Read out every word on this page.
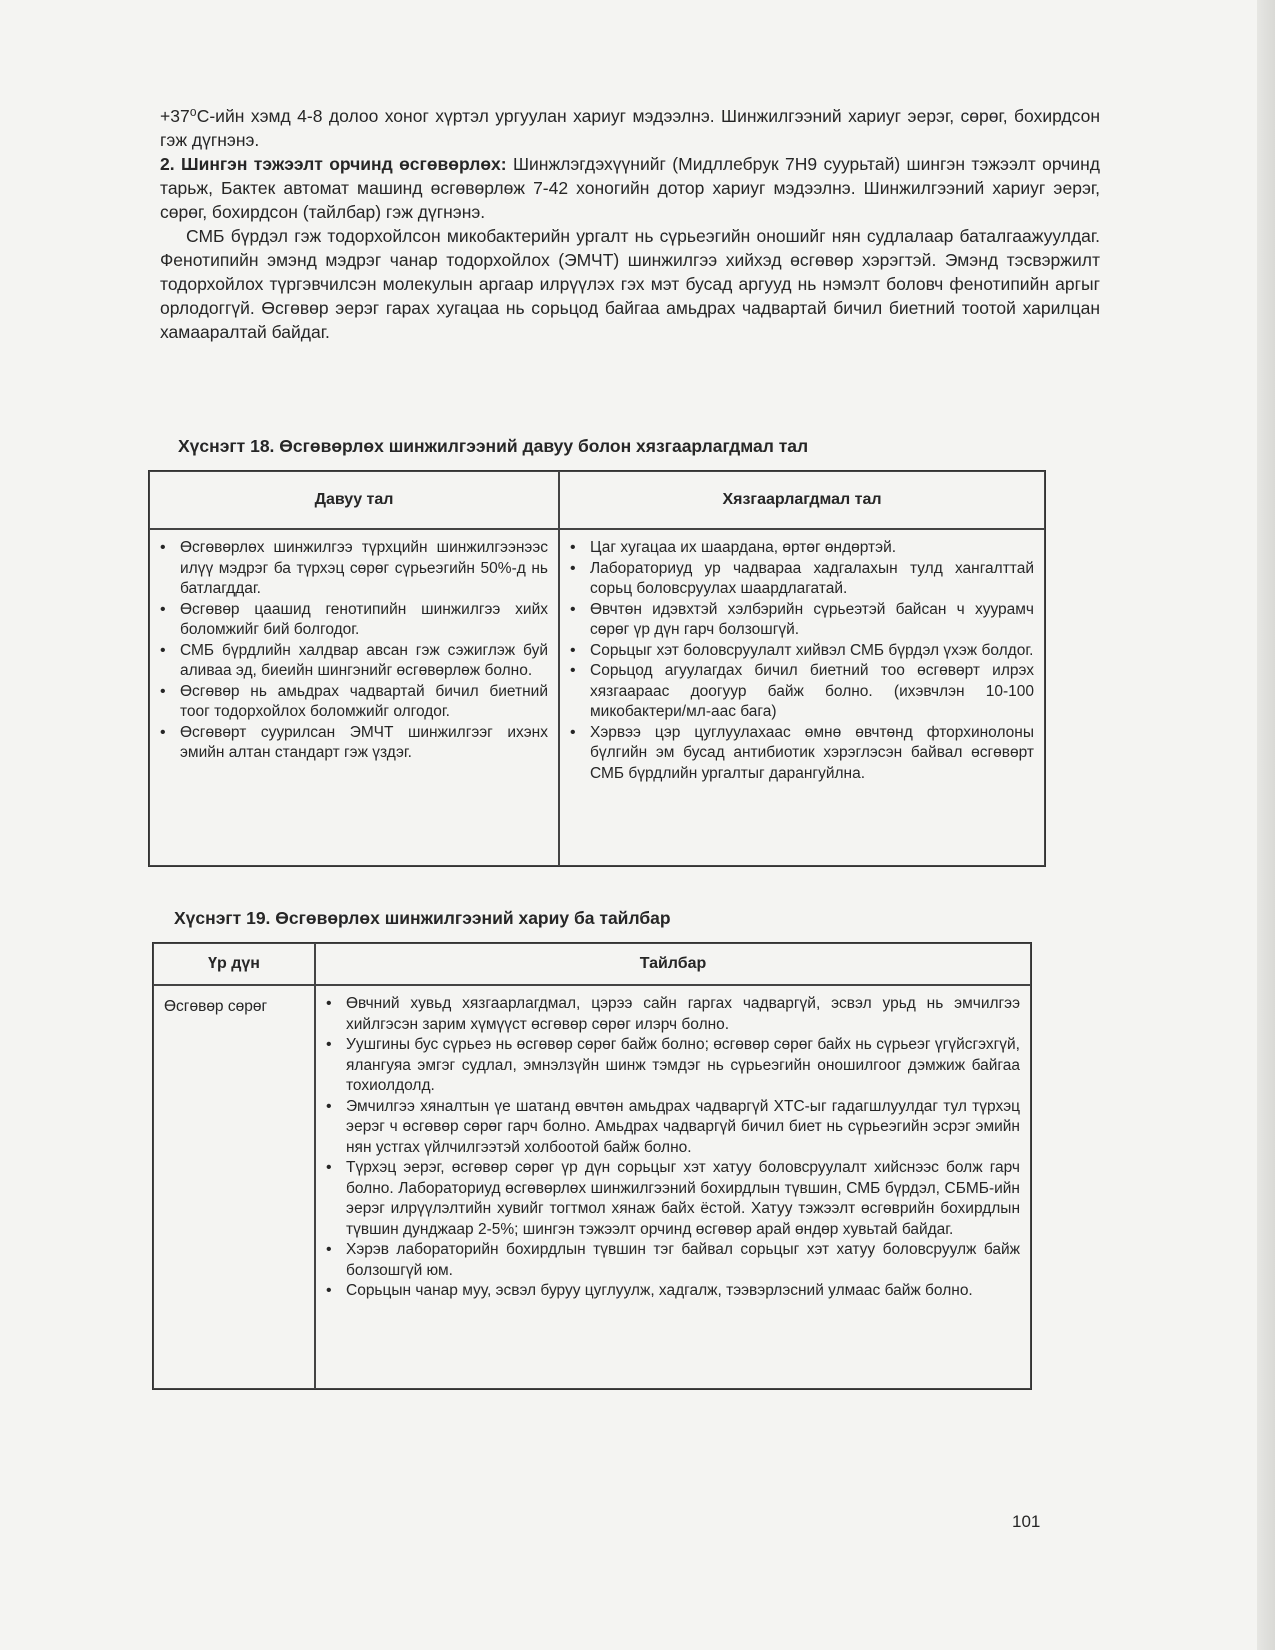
+37⁰С-ийн хэмд 4-8 долоо хоног хүртэл ургуулан хариуг мэдээлнэ. Шинжилгээний хариуг эерэг, сөрөг, бохирдсон гэж дүгнэнэ.

2. Шингэн тэжээлт орчинд өсгөвөрлөх: Шинжлэгдэхүүнийг (Мидллебрук 7Н9 суурьтай) шингэн тэжээлт орчинд тарьж, Бактек автомат машинд өсгөвөрлөж 7-42 хоногийн дотор хариуг мэдээлнэ. Шинжилгээний хариуг эерэг, сөрөг, бохирдсон (тайлбар) гэж дүгнэнэ.

СМБ бүрдэл гэж тодорхойлсон микобактерийн ургалт нь сүрьеэгийн оношийг нян судлалаар баталгаажуулдаг. Фенотипийн эмэнд мэдрэг чанар тодорхойлох (ЭМЧТ) шинжилгээ хийхэд өсгөвөр хэрэгтэй. Эмэнд тэсвэржилт тодорхойлох түргэвчилсэн молекулын аргаар илрүүлэх гэх мэт бусад аргууд нь нэмэлт боловч фенотипийн аргыг орлодоггүй. Өсгөвөр эерэг гарах хугацаа нь сорьцод байгаа амьдрах чадвартай бичил биетний тоотой харилцан хамааралтай байдаг.

Хүснэгт 18. Өсгөвөрлөх шинжилгээний давуу болон хязгаарлагдмал тал
Давуу тал	Хязгаарлагдмал тал
• Өсгөвөрлөх шинжилгээ түрхцийн шинжилгээнээс илүү мэдрэг ба түрхэц сөрөг сүрьеэгийн 50%-д нь батлагддаг.
• Өсгөвөр цаашид генотипийн шинжилгээ хийх боломжийг бий болгодог.
• СМБ бүрдлийн халдвар авсан гэж сэжиглэж буй аливаа эд, биеийн шингэнийг өсгөвөрлөж болно.
• Өсгөвөр нь амьдрах чадвартай бичил биетний тоог тодорхойлох боломжийг олгодог.
• Өсгөвөрт суурилсан ЭМЧТ шинжилгээг ихэнх эмийн алтан стандарт гэж үздэг.
• Цаг хугацаа их шаардана, өртөг өндөртэй.
• Лабораториуд ур чадвараа хадгалахын тулд хангалттай сорьц боловсруулах шаардлагатай.
• Өвчтөн идэвхтэй хэлбэрийн сүрьеэтэй байсан ч хуурамч сөрөг үр дүн гарч болзошгүй.
• Сорьцыг хэт боловсруулалт хийвэл СМБ бүрдэл үхэж болдог.
• Сорьцод агуулагдах бичил биетний тоо өсгөвөрт илрэх хязгаараас доогуур байж болно. (ихэвчлэн 10-100 микобактери/мл-аас бага)
• Хэрвээ цэр цуглуулахаас өмнө өвчтөнд фторхинолоны бүлгийн эм бусад антибиотик хэрэглэсэн байвал өсгөвөрт СМБ бүрдлийн ургалтыг дарангуйлна.
Хүснэгт 19. Өсгөвөрлөх шинжилгээний хариу ба тайлбар
Үр дүн	Тайлбар
Өсгөвөр сөрөг
•	Өвчний хувьд хязгаарлагдмал, цэрээ сайн гаргах чадваргүй, эсвэл урьд нь эмчилгээ хийлгэсэн зарим хүмүүст өсгөвөр сөрөг илэрч болно.
• Уушгины бус сүрьеэ нь өсгөвөр сөрөг байж болно; өсгөвөр сөрөг байх нь сүрьеэг үгүйсгэхгүй, ялангуяа эмгэг судлал, эмнэлзүйн шинж тэмдэг нь сүрьеэгийн оношилгоог дэмжиж байгаа тохиолдолд.
• Эмчилгээ хяналтын үе шатанд өвчтөн амьдрах чадваргүй ХТС-ыг гадагшлуулдаг тул түрхэц эерэг ч өсгөвөр сөрөг гарч болно. Амьдрах чадваргүй бичил биет нь сүрьеэгийн эсрэг эмийн нян устгах үйлчилгээтэй холбоотой байж болно.
• Түрхэц эерэг, өсгөвөр сөрөг үр дүн сорьцыг хэт хатуу боловсруулалт хийснээс болж гарч болно. Лабораториуд өсгөвөрлөх шинжилгээний бохирдлын түвшин, СМБ бүрдэл, СБМБ-ийн эерэг илрүүлэлтийн хувийг тогтмол хянаж байх ёстой. Хатуу тэжээлт өсгөврийн бохирдлын түвшин дунджаар 2-5%; шингэн тэжээлт орчинд өсгөвөр арай өндөр хувьтай байдаг.
• Хэрэв лабораторийн бохирдлын түвшин тэг байвал сорьцыг хэт хатуу боловсруулж байж болзошгүй юм.
• Сорьцын чанар муу, эсвэл буруу цуглуулж, хадгалж, тээвэрлэсний улмаас байж болно.
101
